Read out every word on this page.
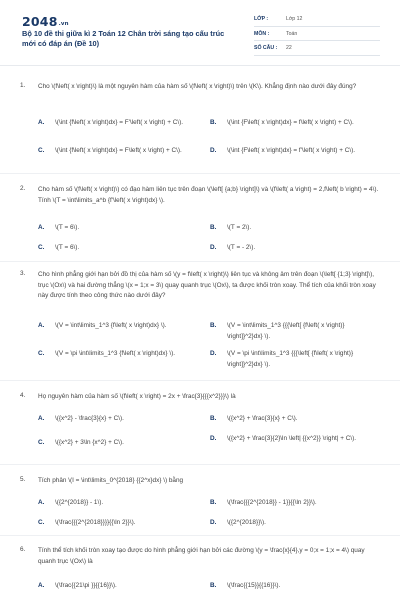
2048.vn
Bộ 10 đề thi giữa kì 2 Toán 12 Chân trời sáng tạo cấu trúc mới có đáp án (Đề 10)
LỚP :	Lớp 12
MÔN :	Toán
SỐ CÂU : 22
1. Cho \(f\left( x \right)\) là một nguyên hàm của hàm số \(f\left( x \right)\) trên \(K\). Khẳng định nào dưới đây đúng?
A. \(\int {f\left( x \right)dx} = F'\left( x \right) + C\).	B. \(\int {F\left( x \right)dx} = f\left( x \right) + C\).
C. \(\int {f\left( x \right)dx} = F\left( x \right) + C\).	D. \(\int {F\left( x \right)dx} = f'\left( x \right) + C\).
2. Cho hàm số \(f\left( x \right)\) có đạo hàm liên tục trên đoạn \(\left[ {a;b} \right]\) và \(f\left( a \right) = 2,f\left( b \right) = 4\). Tính \(T = \int\limits_a^b {f'\left( x \right)dx} \).
A. \(T = 6\).	B. \(T = 2\).
C. \(T = 6\).	D. \(T = - 2\).
3. Cho hình phẳng giới hạn bởi đồ thị của hàm số \(y = f\left( x \right)\) liên tục và không âm trên đoạn \(\left[ {1;3} \right]\), trục \(Ox\) và hai đường thẳng \(x = 1;x = 3\) quay quanh trục \(Ox\), ta được khối tròn xoay. Thể tích của khối tròn xoay này được tính theo công thức nào dưới đây?
A. \(V = \int\limits_1^3 {f\left( x \right)dx} \).	B. \(V = \int\limits_1^3 {{{\left[ {f\left( x \right)} \right]}^2}dx} \).
C. \(V = \pi \int\limits_1^3 {f\left( x \right)dx} \).	D. \(V = \pi \int\limits_1^3 {{{\left[ {f\left( x \right)} \right]}^2}dx} \).
4. Họ nguyên hàm của hàm số \(f\left( x \right) = 2x + \frac{3}{{{x^2}}}\) là
A. \({x^2} - \frac{3}{x} + C\).	B. \({x^2} + \frac{3}{x} + C\).
C. \({x^2} + 3\ln {x^2} + C\).
D. \({x^2} + \frac{3}{2}\ln \left| {{x^2}} \right| + C\).
5. Tích phân \(I = \int\limits_0^{2018} {{2^x}dx} \) bằng
A. \({2^{2018}} - 1\).	B. \(\frac{{{2^{2018}} - 1}}{{\ln 2}}\).
C. \(\frac{{{2^{2018}}}}{{\ln 2}}\).	D. \({2^{2018}}\).
6. Tính thể tích khối tròn xoay tạo được do hình phẳng giới hạn bởi các đường \(y = \frac{x}{4},y = 0;x = 1;x = 4\) quay quanh trục \(Ox\) là
A. \(\frac{{21\pi }}{{16}}\).	B. \(\frac{{15}}{{16}}\).
